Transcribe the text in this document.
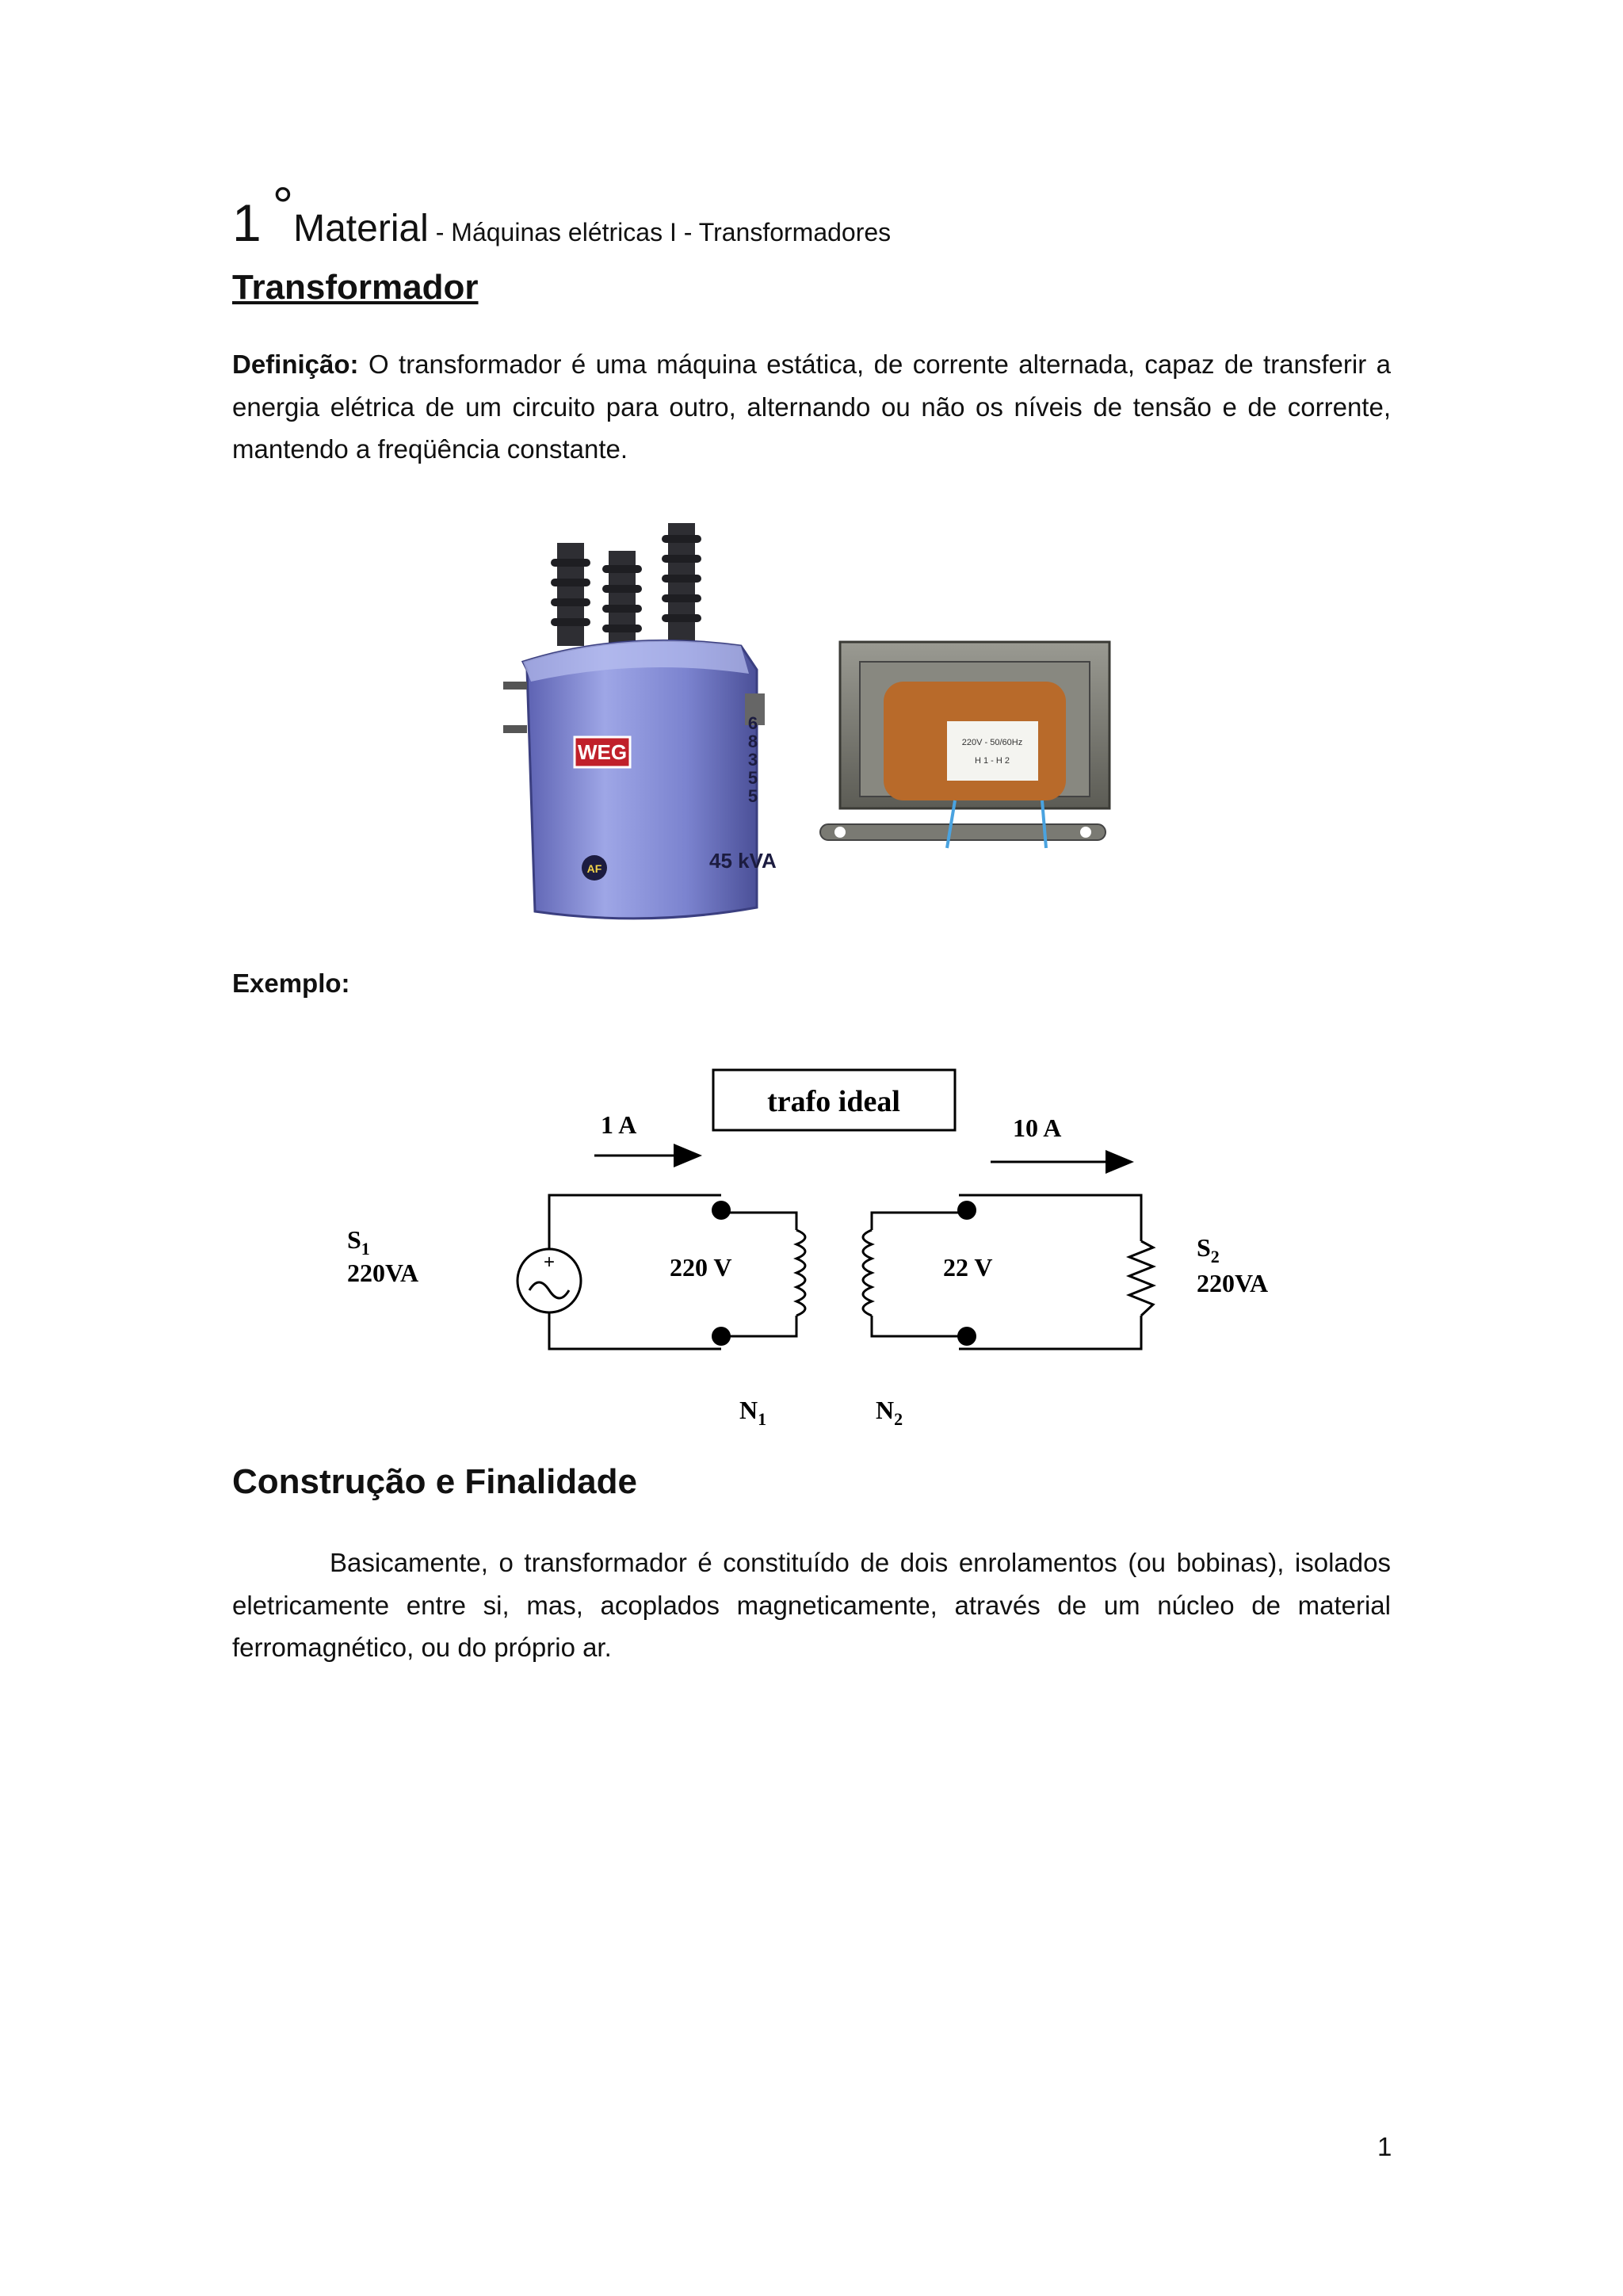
1 °Material - Máquinas elétricas I - Transformadores
Transformador

Definição: O transformador é uma máquina estática, de corrente alternada, capaz de transferir a energia elétrica de um circuito para outro, alternando ou não os níveis de tensão e de corrente, mantendo a freqüência constante.

WEG
6
8
3
5
5
45 kVA
AF
220V - 50/60Hz
H 1 - H 2

Exemplo:

trafo ideal
1 A	10 A
$S_1$
220VA	+	220 V	22 V
$S_2$
220VA
$N_1$	$N_2$
Construção e Finalidade

Basicamente, o transformador é constituído de dois enrolamentos (ou bobinas), isolados eletricamente entre si, mas, acoplados magneticamente, através de um núcleo de material ferromagnético, ou do próprio ar.

1
